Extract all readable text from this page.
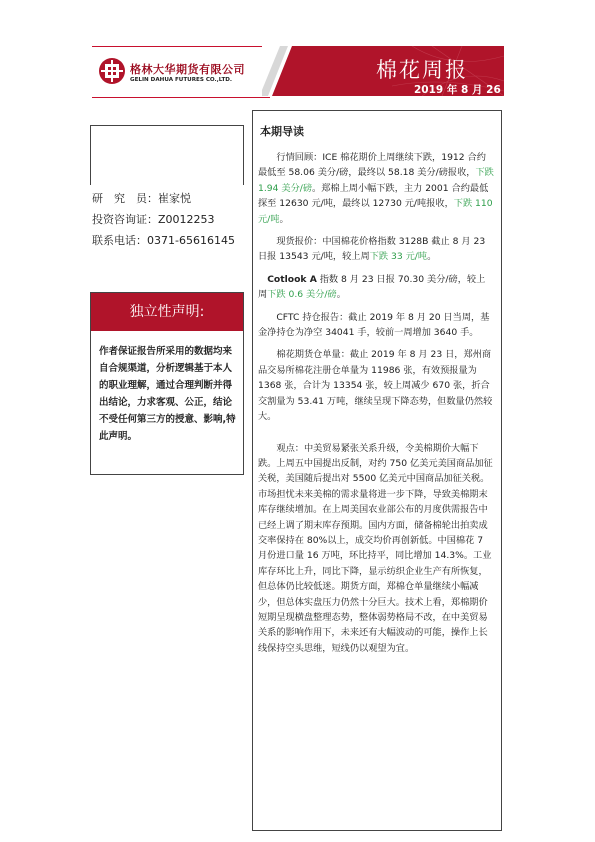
格林大华期货有限公司
GELIN DAHUA FUTURES CO.,LTD.	棉花周报
2019 年 8 月 26 日
研　究　员：崔家悦
投资咨询证：Z0012253
联系电话：0371-65616145
独立性声明:
作者保证报告所采用的数据均来自合规渠道，分析逻辑基于本人的职业理解，通过合理判断并得出结论，力求客观、公正，结论不受任何第三方的授意、影响,特此声明。
本期导读

行情回顾：ICE 棉花期价上周继续下跌，1912 合约最低至 58.06 美分/磅，最终以 58.18 美分/磅报收，下跌 1.94 美分/磅。郑棉上周小幅下跌，主力 2001 合约最低探至 12630 元/吨，最终以 12730 元/吨报收，下跌 110 元/吨。

现货报价：中国棉花价格指数 3128B 截止 8 月 23 日报 13543 元/吨，较上周下跌 33 元/吨。

Cotlook A 指数 8 月 23 日报 70.30 美分/磅，较上周下跌 0.6 美分/磅。

CFTC 持仓报告：截止 2019 年 8 月 20 日当周，基金净持仓为净空 34041 手，较前一周增加 3640 手。

棉花期货仓单量：截止 2019 年 8 月 23 日，郑州商品交易所棉花注册仓单量为 11986 张，有效预报量为 1368 张，合计为 13354 张，较上周减少 670 张，折合交割量为 53.41 万吨，继续呈现下降态势，但数量仍然较大。

观点：中美贸易紧张关系升级，令美棉期价大幅下跌。上周五中国提出反制，对约 750 亿美元美国商品加征关税，美国随后提出对 5500 亿美元中国商品加征关税。市场担忧未来美棉的需求量将进一步下降，导致美棉期末库存继续增加。在上周美国农业部公布的月度供需报告中已经上调了期末库存预期。国内方面，储备棉轮出拍卖成交率保持在 80%以上，成交均价再创新低。中国棉花 7 月份进口量 16 万吨，环比持平，同比增加 14.3%。工业库存环比上升，同比下降，显示纺织企业生产有所恢复，但总体仍比较低迷。期货方面，郑棉仓单量继续小幅减少，但总体实盘压力仍然十分巨大。技术上看，郑棉期价短期呈现横盘整理态势，整体弱势格局不改，在中美贸易关系的影响作用下，未来还有大幅波动的可能，操作上长线保持空头思维，短线仍以观望为宜。
